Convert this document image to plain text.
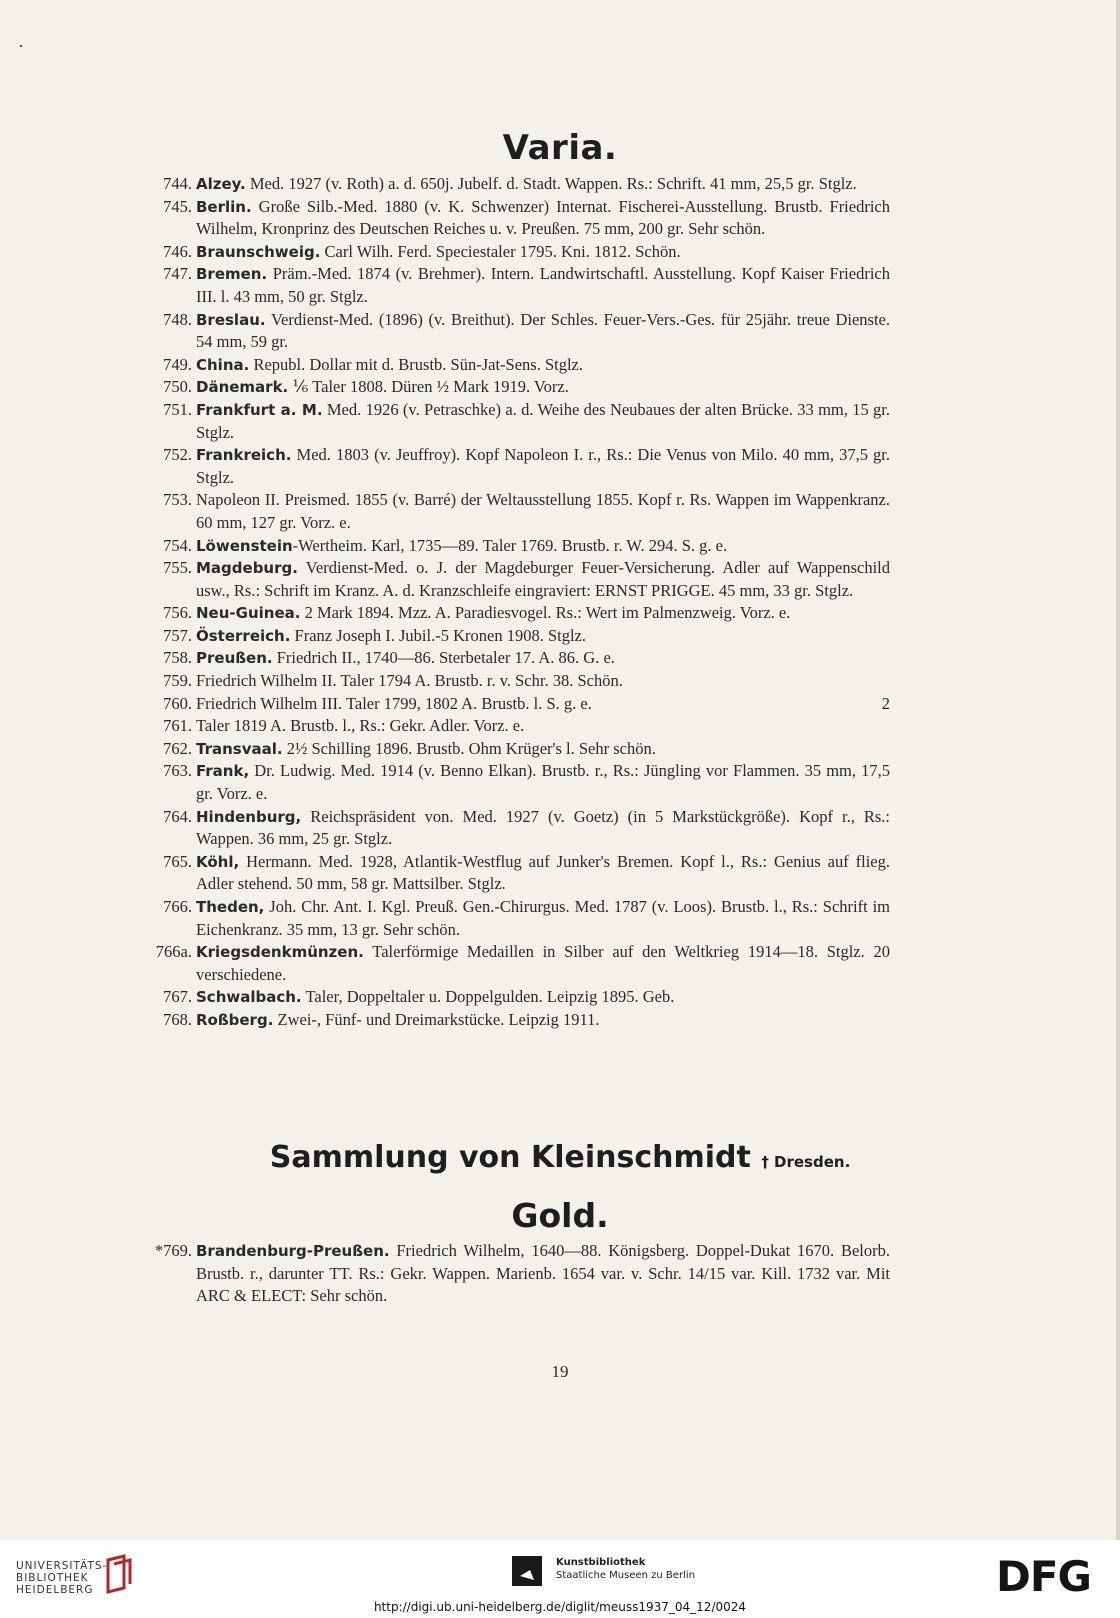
Varia.
744. Alzey. Med. 1927 (v. Roth) a. d. 650j. Jubelf. d. Stadt. Wappen. Rs.: Schrift. 41 mm, 25,5 gr. Stglz.
745. Berlin. Große Silb.-Med. 1880 (v. K. Schwenzer) Internat. Fischerei-Ausstellung. Brustb. Friedrich Wilhelm, Kronprinz des Deutschen Reiches u. v. Preußen. 75 mm, 200 gr. Sehr schön.
746. Braunschweig. Carl Wilh. Ferd. Speciestaler 1795. Kni. 1812. Schön.
747. Bremen. Präm.-Med. 1874 (v. Brehmer). Intern. Landwirtschaftl. Ausstellung. Kopf Kaiser Friedrich III. l. 43 mm, 50 gr. Stglz.
748. Breslau. Verdienst-Med. (1896) (v. Breithut). Der Schles. Feuer-Vers.-Ges. für 25jähr. treue Dienste. 54 mm, 59 gr.
749. China. Republ. Dollar mit d. Brustb. Sün-Jat-Sens. Stglz.
750. Dänemark. ⅙ Taler 1808. Düren ½ Mark 1919. Vorz.
751. Frankfurt a. M. Med. 1926 (v. Petraschke) a. d. Weihe des Neubaues der alten Brücke. 33 mm, 15 gr. Stglz.
752. Frankreich. Med. 1803 (v. Jeuffroy). Kopf Napoleon I. r., Rs.: Die Venus von Milo. 40 mm, 37,5 gr. Stglz.
753. Napoleon II. Preismed. 1855 (v. Barré) der Weltausstellung 1855. Kopf r. Rs. Wappen im Wappenkranz. 60 mm, 127 gr. Vorz. e.
754. Löwenstein-Wertheim. Karl, 1735—89. Taler 1769. Brustb. r. W. 294. S. g. e.
755. Magdeburg. Verdienst-Med. o. J. der Magdeburger Feuer-Versicherung. Adler auf Wappenschild usw., Rs.: Schrift im Kranz. A. d. Kranzschleife eingraviert: ERNST PRIGGE. 45 mm, 33 gr. Stglz.
756. Neu-Guinea. 2 Mark 1894. Mzz. A. Paradiesvogel. Rs.: Wert im Palmenzweig. Vorz. e.
757. Österreich. Franz Joseph I. Jubil.-5 Kronen 1908. Stglz.
758. Preußen. Friedrich II., 1740—86. Sterbetaler 17. A. 86. G. e.
759. Friedrich Wilhelm II. Taler 1794 A. Brustb. r. v. Schr. 38. Schön.
760. Friedrich Wilhelm III. Taler 1799, 1802 A. Brustb. l. S. g. e.	2
761. Taler 1819 A. Brustb. l., Rs.: Gekr. Adler. Vorz. e.
762. Transvaal. 2½ Schilling 1896. Brustb. Ohm Krüger's l. Sehr schön.
763. Frank, Dr. Ludwig. Med. 1914 (v. Benno Elkan). Brustb. r., Rs.: Jüngling vor Flammen. 35 mm, 17,5 gr. Vorz. e.
764. Hindenburg, Reichspräsident von. Med. 1927 (v. Goetz) (in 5 Markstückgröße). Kopf r., Rs.: Wappen. 36 mm, 25 gr. Stglz.
765. Köhl, Hermann. Med. 1928, Atlantik-Westflug auf Junker's Bremen. Kopf l., Rs.: Genius auf flieg. Adler stehend. 50 mm, 58 gr. Mattsilber. Stglz.
766. Theden, Joh. Chr. Ant. I. Kgl. Preuß. Gen.-Chirurgus. Med. 1787 (v. Loos). Brustb. l., Rs.: Schrift im Eichenkranz. 35 mm, 13 gr. Sehr schön.
766a. Kriegsdenkmünzen. Talerförmige Medaillen in Silber auf den Weltkrieg 1914—18. Stglz. 20 verschiedene.
767. Schwalbach. Taler, Doppeltaler u. Doppelgulden. Leipzig 1895. Geb.
768. Roßberg. Zwei-, Fünf- und Dreimarkstücke. Leipzig 1911.
Sammlung von Kleinschmidt † Dresden.
Gold.
*769. Brandenburg-Preußen. Friedrich Wilhelm, 1640—88. Königsberg. Doppel-Dukat 1670. Belorb. Brustb. r., darunter TT. Rs.: Gekr. Wappen. Marienb. 1654 var. v. Schr. 14/15 var. Kill. 1732 var. Mit ARC & ELECT: Sehr schön.
19
UNIVERSITÄTS-
BIBLIOTHEK
HEIDELBERG
Kunstbibliothek
Staatliche Museen zu Berlin	DFG
http://digi.ub.uni-heidelberg.de/diglit/meuss1937_04_12/0024
